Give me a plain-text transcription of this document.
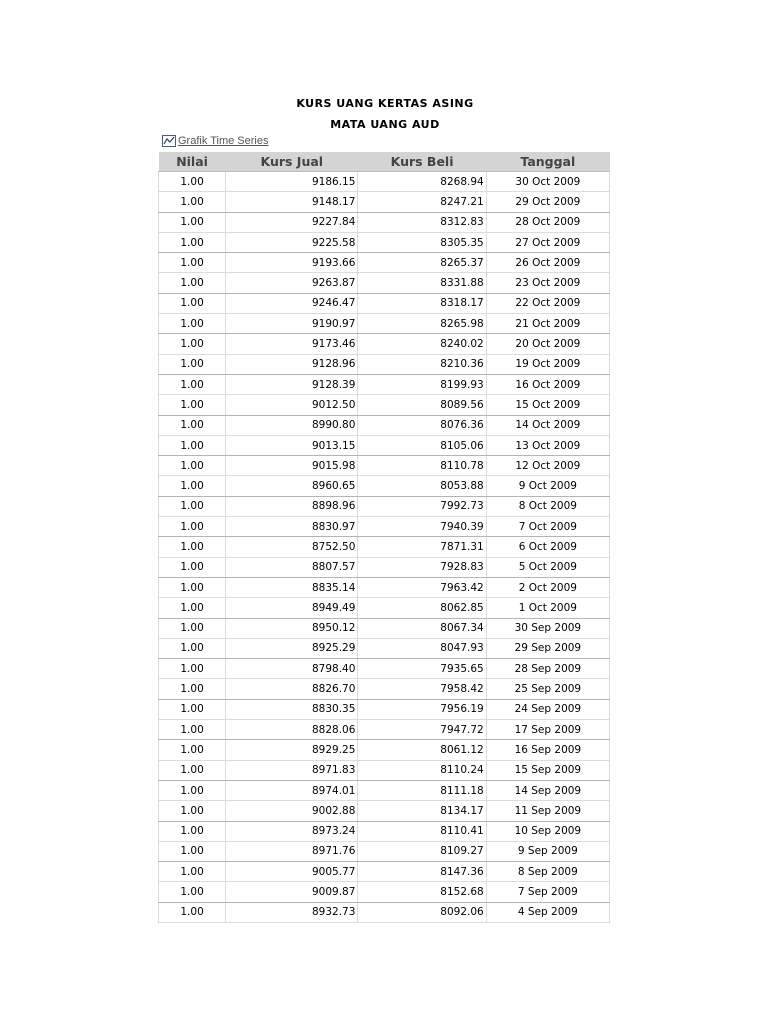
KURS UANG KERTAS ASING
MATA UANG AUD
Grafik Time Series
Nilai	Kurs Jual	Kurs Beli	Tanggal
1.00	9186.15	8268.94	30 Oct 2009
1.00	9148.17	8247.21	29 Oct 2009
1.00	9227.84	8312.83	28 Oct 2009
1.00	9225.58	8305.35	27 Oct 2009
1.00	9193.66	8265.37	26 Oct 2009
1.00	9263.87	8331.88	23 Oct 2009
1.00	9246.47	8318.17	22 Oct 2009
1.00	9190.97	8265.98	21 Oct 2009
1.00	9173.46	8240.02	20 Oct 2009
1.00	9128.96	8210.36	19 Oct 2009
1.00	9128.39	8199.93	16 Oct 2009
1.00	9012.50	8089.56	15 Oct 2009
1.00	8990.80	8076.36	14 Oct 2009
1.00	9013.15	8105.06	13 Oct 2009
1.00	9015.98	8110.78	12 Oct 2009
1.00	8960.65	8053.88	9 Oct 2009
1.00	8898.96	7992.73	8 Oct 2009
1.00	8830.97	7940.39	7 Oct 2009
1.00	8752.50	7871.31	6 Oct 2009
1.00	8807.57	7928.83	5 Oct 2009
1.00	8835.14	7963.42	2 Oct 2009
1.00	8949.49	8062.85	1 Oct 2009
1.00	8950.12	8067.34	30 Sep 2009
1.00	8925.29	8047.93	29 Sep 2009
1.00	8798.40	7935.65	28 Sep 2009
1.00	8826.70	7958.42	25 Sep 2009
1.00	8830.35	7956.19	24 Sep 2009
1.00	8828.06	7947.72	17 Sep 2009
1.00	8929.25	8061.12	16 Sep 2009
1.00	8971.83	8110.24	15 Sep 2009
1.00	8974.01	8111.18	14 Sep 2009
1.00	9002.88	8134.17	11 Sep 2009
1.00	8973.24	8110.41	10 Sep 2009
1.00	8971.76	8109.27	9 Sep 2009
1.00	9005.77	8147.36	8 Sep 2009
1.00	9009.87	8152.68	7 Sep 2009
1.00	8932.73	8092.06	4 Sep 2009
